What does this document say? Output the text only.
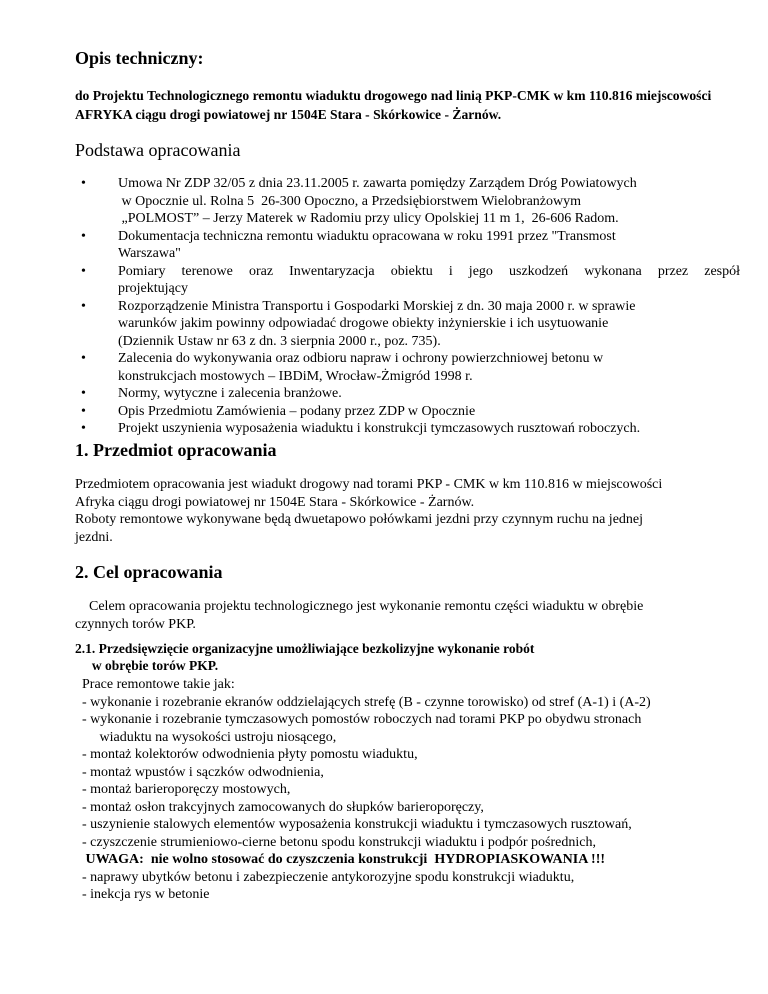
Opis techniczny:
do Projektu Technologicznego remontu wiaduktu drogowego nad linią PKP-CMK w km 110.816 miejscowości AFRYKA ciągu drogi powiatowej nr 1504E Stara - Skórkowice - Żarnów.
Podstawa opracowania
• Umowa Nr ZDP 32/05 z dnia 23.11.2005 r. zawarta pomiędzy Zarządem Dróg Powiatowych
w Opocznie ul. Rolna 5  26-300 Opoczno, a Przedsiębiorstwem Wielobranżowym
„POLMOST” – Jerzy Materek w Radomiu przy ulicy Opolskiej 11 m 1,  26-606 Radom.
• Dokumentacja techniczna remontu wiaduktu opracowana w roku 1991 przez "Transmost
Warszawa"
• Pomiary terenowe oraz Inwentaryzacja obiektu i jego uszkodzeń wykonana przez zespół
projektujący
• Rozporządzenie Ministra Transportu i Gospodarki Morskiej z dn. 30 maja 2000 r. w sprawie
warunków jakim powinny odpowiadać drogowe obiekty inżynierskie i ich usytuowanie
(Dziennik Ustaw nr 63 z dn. 3 sierpnia 2000 r., poz. 735).
• Zalecenia do wykonywania oraz odbioru napraw i ochrony powierzchniowej betonu w
konstrukcjach mostowych – IBDiM, Wrocław-Żmigród 1998 r.
• Normy, wytyczne i zalecenia branżowe.
• Opis Przedmiotu Zamówienia – podany przez ZDP w Opocznie
• Projekt uszynienia wyposażenia wiaduktu i konstrukcji tymczasowych rusztowań roboczych.
1. Przedmiot opracowania
Przedmiotem opracowania jest wiadukt drogowy nad torami PKP - CMK w km 110.816 w miejscowości
Afryka ciągu drogi powiatowej nr 1504E Stara - Skórkowice - Żarnów.
Roboty remontowe wykonywane będą dwuetapowo połówkami jezdni przy czynnym ruchu na jednej
jezdni.
2. Cel opracowania
Celem opracowania projektu technologicznego jest wykonanie remontu części wiaduktu w obrębie
czynnych torów PKP.
2.1. Przedsięwzięcie organizacyjne umożliwiające bezkolizyjne wykonanie robót
w obrębie torów PKP.
Prace remontowe takie jak:
- wykonanie i rozebranie ekranów oddzielających strefę (B - czynne torowisko) od stref (A-1) i (A-2)
- wykonanie i rozebranie tymczasowych pomostów roboczych nad torami PKP po obydwu stronach
wiaduktu na wysokości ustroju niosącego,
- montaż kolektorów odwodnienia płyty pomostu wiaduktu,
- montaż wpustów i sączków odwodnienia,
- montaż barieroporęczy mostowych,
- montaż osłon trakcyjnych zamocowanych do słupków barieroporęczy,
- uszynienie stalowych elementów wyposażenia konstrukcji wiaduktu i tymczasowych rusztowań,
- czyszczenie strumieniowo-cierne betonu spodu konstrukcji wiaduktu i podpór pośrednich,
UWAGA:  nie wolno stosować do czyszczenia konstrukcji  HYDROPIASKOWANIA !!!
- naprawy ubytków betonu i zabezpieczenie antykorozyjne spodu konstrukcji wiaduktu,
- inekcja rys w betonie
